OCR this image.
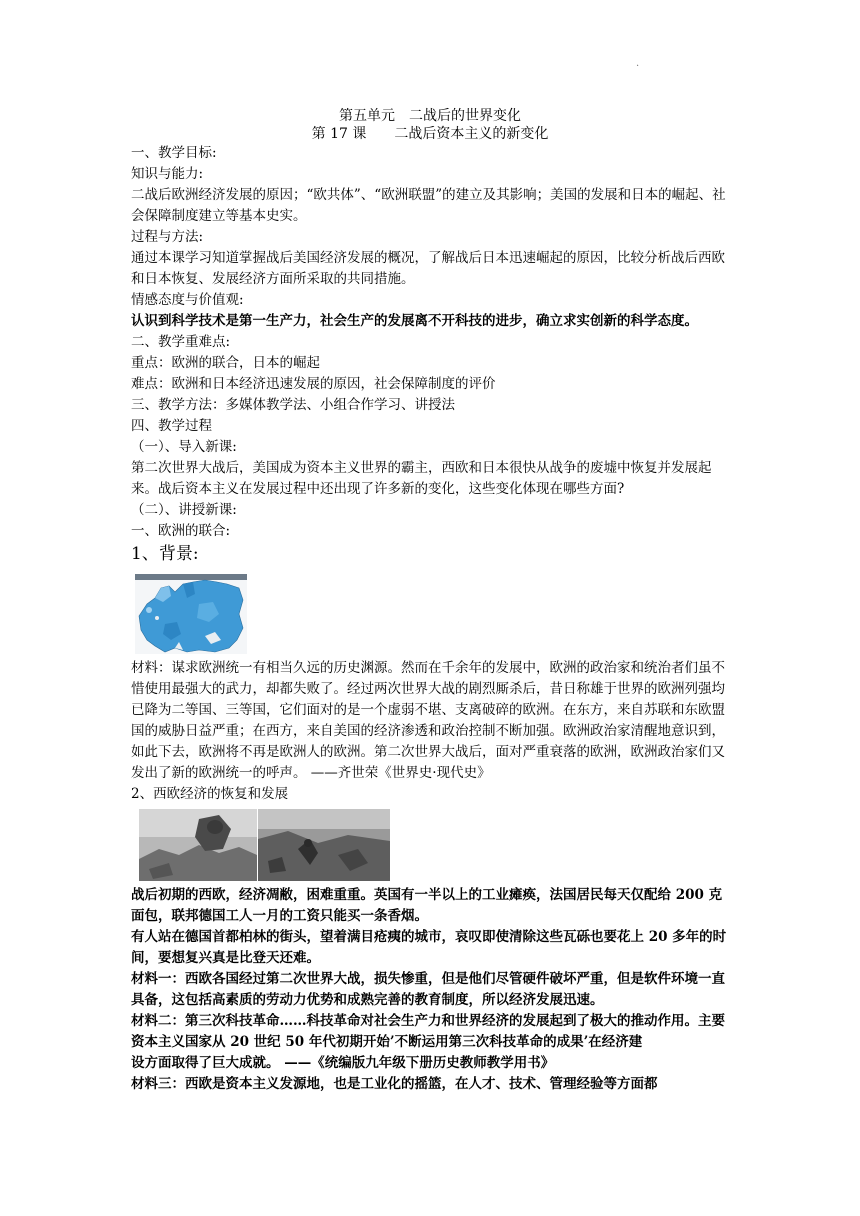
.
第五单元　二战后的世界变化
第 17 课　　二战后资本主义的新变化

一、教学目标:

知识与能力:

二战后欧洲经济发展的原因；“欧共体”、“欧洲联盟”的建立及其影响；美国的发展和日本的崛起、社会保障制度建立等基本史实。

过程与方法:

通过本课学习知道掌握战后美国经济发展的概况，了解战后日本迅速崛起的原因，比较分析战后西欧和日本恢复、发展经济方面所采取的共同措施。

情感态度与价值观:

认识到科学技术是第一生产力，社会生产的发展离不开科技的进步，确立求实创新的科学态度。

二、教学重难点:

重点：欧洲的联合，日本的崛起

难点：欧洲和日本经济迅速发展的原因，社会保障制度的评价

三、教学方法：多媒体教学法、小组合作学习、讲授法

四、教学过程

（一）、导入新课:

第二次世界大战后，美国成为资本主义世界的霸主，西欧和日本很快从战争的废墟中恢复并发展起来。战后资本主义在发展过程中还出现了许多新的变化，这些变化体现在哪些方面?

（二）、讲授新课:

一、欧洲的联合:

1、背景:

材料：谋求欧洲统一有相当久远的历史渊源。然而在千余年的发展中，欧洲的政治家和统治者们虽不惜使用最强大的武力，却都失败了。经过两次世界大战的剧烈厮杀后，昔日称雄于世界的欧洲列强均已降为二等国、三等国，它们面对的是一个虚弱不堪、支离破碎的欧洲。在东方，来自苏联和东欧盟国的威胁日益严重；在西方，来自美国的经济渗透和政治控制不断加强。欧洲政治家清醒地意识到，如此下去，欧洲将不再是欧洲人的欧洲。第二次世界大战后，面对严重衰落的欧洲，欧洲政治家们又发出了新的欧洲统一的呼声。 ——齐世荣《世界史·现代史》

2、西欧经济的恢复和发展

战后初期的西欧，经济凋敝，困难重重。英国有一半以上的工业瘫痪，法国居民每天仅配给 200 克面包，联邦德国工人一月的工资只能买一条香烟。

有人站在德国首都柏林的街头，望着满目疮痍的城市，哀叹即使清除这些瓦砾也要花上 20 多年的时间，要想复兴真是比登天还难。

材料一：西欧各国经过第二次世界大战，损失惨重，但是他们尽管硬件破坏严重，但是软件环境一直具备，这包括高素质的劳动力优势和成熟完善的教育制度，所以经济发展迅速。

材料二：第三次科技革命……科技革命对社会生产力和世界经济的发展起到了极大的推动作用。主要资本主义国家从 20 世纪 50 年代初期开始’不断运用第三次科技革命的成果’在经济建

设方面取得了巨大成就。 ——《统编版九年级下册历史教师教学用书》

材料三：西欧是资本主义发源地，也是工业化的摇篮，在人才、技术、管理经验等方面都
